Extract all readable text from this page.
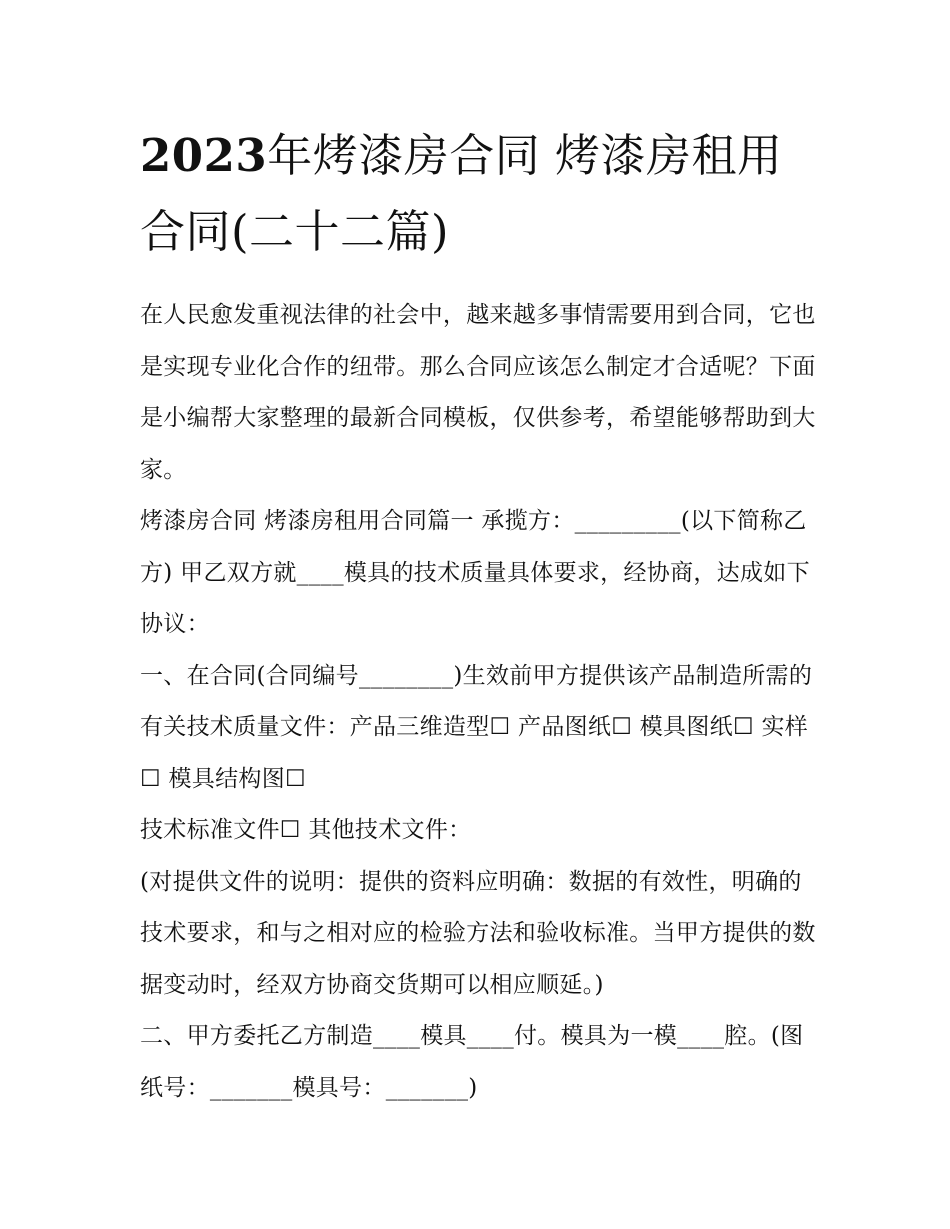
2023年烤漆房合同 烤漆房租用合同(二十二篇)

在人民愈发重视法律的社会中，越来越多事情需要用到合同，它也是实现专业化合作的纽带。那么合同应该怎么制定才合适呢？下面是小编帮大家整理的最新合同模板，仅供参考，希望能够帮助到大家。

烤漆房合同 烤漆房租用合同篇一 承揽方：_________(以下简称乙方) 甲乙双方就____模具的技术质量具体要求，经协商，达成如下协议：

一、在合同(合同编号________)生效前甲方提供该产品制造所需的有关技术质量文件：产品三维造型☐ 产品图纸☐ 模具图纸☐ 实样☐ 模具结构图☐

技术标准文件☐ 其他技术文件：

(对提供文件的说明：提供的资料应明确：数据的有效性，明确的技术要求，和与之相对应的检验方法和验收标准。当甲方提供的数据变动时，经双方协商交货期可以相应顺延。)

二、甲方委托乙方制造____模具____付。模具为一模____腔。(图纸号：_______模具号：_______)
